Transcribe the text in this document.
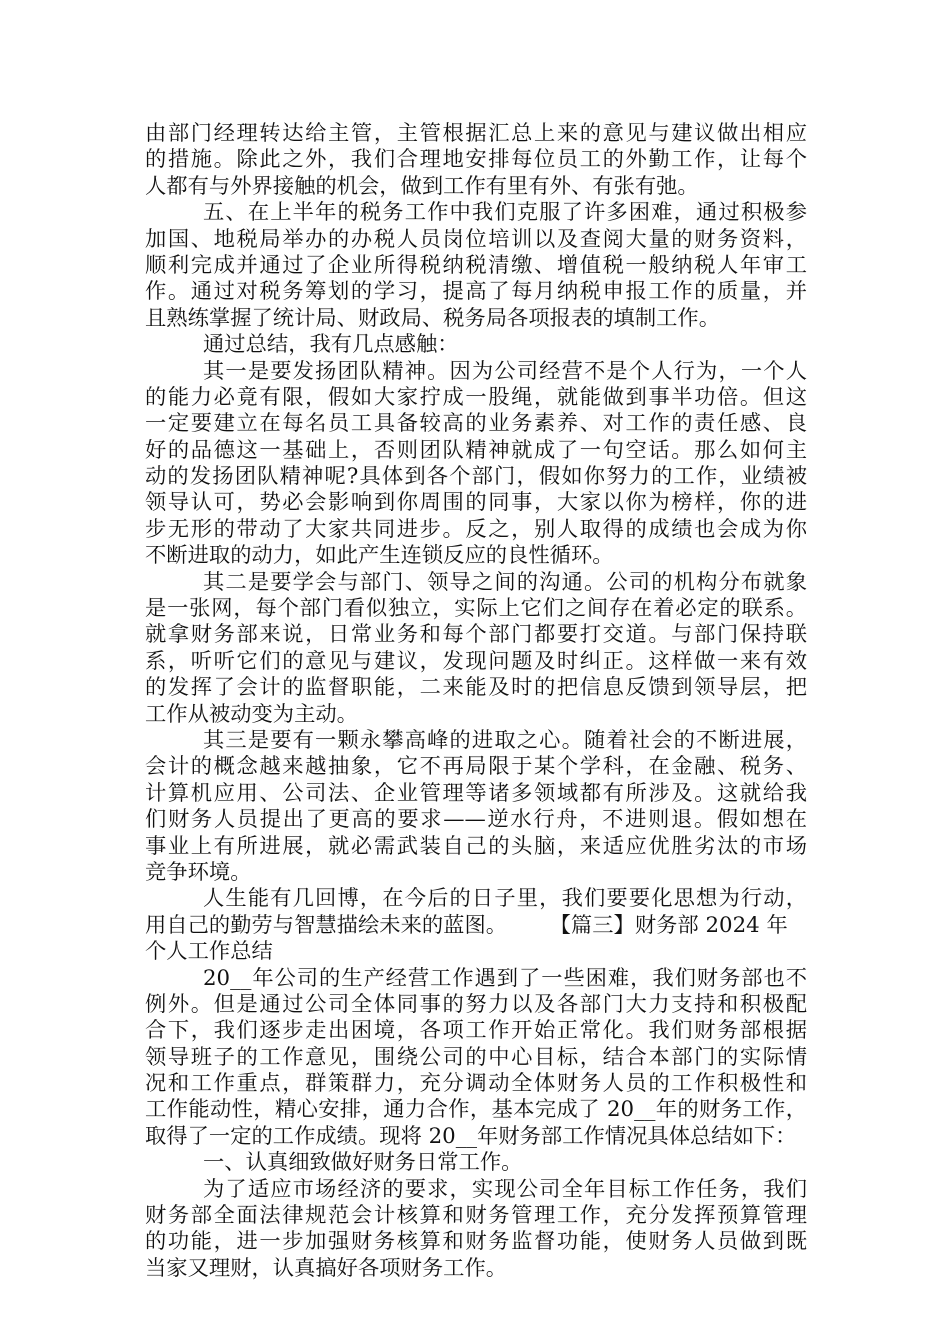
由部门经理转达给主管，主管根据汇总上来的意见与建议做出相应
的措施。除此之外，我们合理地安排每位员工的外勤工作，让每个
人都有与外界接触的机会，做到工作有里有外、有张有弛。
五、在上半年的税务工作中我们克服了许多困难，通过积极参
加国、地税局举办的办税人员岗位培训以及查阅大量的财务资料，
顺利完成并通过了企业所得税纳税清缴、增值税一般纳税人年审工
作。通过对税务筹划的学习，提高了每月纳税申报工作的质量，并
且熟练掌握了统计局、财政局、税务局各项报表的填制工作。
通过总结，我有几点感触：
其一是要发扬团队精神。因为公司经营不是个人行为，一个人
的能力必竟有限，假如大家拧成一股绳，就能做到事半功倍。但这
一定要建立在每名员工具备较高的业务素养、对工作的责任感、良
好的品德这一基础上，否则团队精神就成了一句空话。那么如何主
动的发扬团队精神呢?具体到各个部门，假如你努力的工作，业绩被
领导认可，势必会影响到你周围的同事，大家以你为榜样，你的进
步无形的带动了大家共同进步。反之，别人取得的成绩也会成为你
不断进取的动力，如此产生连锁反应的良性循环。
其二是要学会与部门、领导之间的沟通。公司的机构分布就象
是一张网，每个部门看似独立，实际上它们之间存在着必定的联系。
就拿财务部来说，日常业务和每个部门都要打交道。与部门保持联
系，听听它们的意见与建议，发现问题及时纠正。这样做一来有效
的发挥了会计的监督职能，二来能及时的把信息反馈到领导层，把
工作从被动变为主动。
其三是要有一颗永攀高峰的进取之心。随着社会的不断进展，
会计的概念越来越抽象，它不再局限于某个学科，在金融、税务、
计算机应用、公司法、企业管理等诸多领域都有所涉及。这就给我
们财务人员提出了更高的要求——逆水行舟，不进则退。假如想在
事业上有所进展，就必需武装自己的头脑，来适应优胜劣汰的市场
竞争环境。
人生能有几回博，在今后的日子里，我们要要化思想为行动，
用自己的勤劳与智慧描绘未来的蓝图。　　　【篇三】财务部 2024 年
个人工作总结
20__年公司的生产经营工作遇到了一些困难，我们财务部也不
例外。但是通过公司全体同事的努力以及各部门大力支持和积极配
合下，我们逐步走出困境，各项工作开始正常化。我们财务部根据
领导班子的工作意见，围绕公司的中心目标，结合本部门的实际情
况和工作重点，群策群力，充分调动全体财务人员的工作积极性和
工作能动性，精心安排，通力合作，基本完成了 20__年的财务工作，
取得了一定的工作成绩。现将 20__年财务部工作情况具体总结如下：
一、认真细致做好财务日常工作。
为了适应市场经济的要求，实现公司全年目标工作任务，我们
财务部全面法律规范会计核算和财务管理工作，充分发挥预算管理
的功能，进一步加强财务核算和财务监督功能，使财务人员做到既
当家又理财，认真搞好各项财务工作。
